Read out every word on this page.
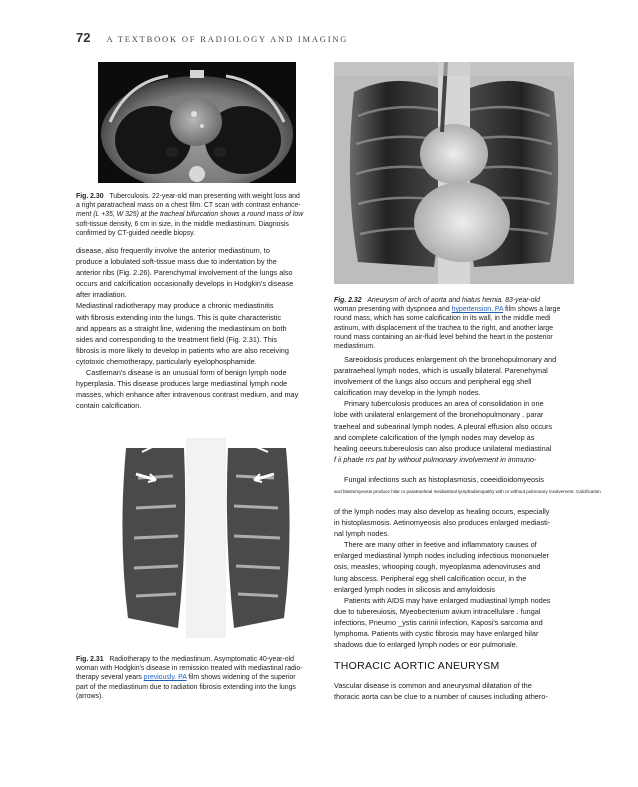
72 A TEXTBOOK OF RADIOLOGY AND IMAGING
Fig. 2.30 Tuberculosis. 22-year-old man presenting with weight loss and
a right paratracheal mass on a chest film. CT scan with contrast enhance-
ment (L +35, W 325) at the tracheal bifurcation shows a round mass of low
soft-tissue density, 6 cm in size, in the middle mediastinum. Diagnosis
confirmed by CT-guided needle biopsy.

disease, also frequently involve the anterior mediastinum, to

produce a lobulated soft-tissue mass due to indentation by the

anterior ribs (Fig. 2.26). Parenchymal involvement of the lungs also

occurs and calcification occasionally develops in Hodgkin's disease

after irradiation.

Mediastinal radiotherapy may produce a chronic mediastinitis

with fibrosis extending into the lungs. This is quite characteristic

and appears as a straight line, widening the mediastinum on both

sides and corresponding to the treatment field (Fig. 2.31). This

fibrosis is more likely to develop in patients who are also receiving

cytotoxic chemotherapy, particularly eyelophosphamide.

Castleman's disease is an unusual form of benign lymph node

hyperplasia. This disease produces large mediastinal lymph node

masses, which enhance after intravenous contrast medium, and may

contain calcification.

Fig. 2.31 Radiotherapy to the mediastinum. Asymptomatic 40-year-old
woman with Hodgkin's disease in remission treated with mediastinal radio-
therapy several years previously. PA film shows widening of the superior
part of the mediastinum due to radiation fibrosis extending into the lungs
(arrows).
Fig. 2.32 Aneurysm of arch of aorta and hiatus hernia. 83-year-old
woman presenting with dyspnoea and hypertension. PA film shows a large
round mass, which has some calcification in its wall, in the middle medi
astinum, with displacement of the trachea to the right, and another large
round mass containing an air-fluid level behind the heart in the posterior
mediastinum.

Sareoidosis produces enlargement oh the bronehopulmonary and

paratraeheal lymph nodes, which is usually bilateral. Parenehymal

involvement of the lungs also occurs and peripheral egg shell

calcification may develop in the lymph nodes.

Primary tuberculosis produces an area of consolidation in one

lobe with unilateral enlargement of the bronehopulmonary . parar

traeheal and subearinal lymph nodes. A pleural effusion also occurs

and complete calcification of the lymph nodes may develop as

healing oeeurs.tubereulosis can also produce unilateral mediastinal

f ii phade rrs pat by without pulmonary involvement in immuno-

Fungal infections such as histoplasmosis, coeeidioidomyeosis

and blastomyeosis produce hilar or paratraeheal mediastinal lymphadenopathy with or without pulmonary involvement. Calcification

of the lymph nodes may also develop as healing occurs, especially

in histoplasmosis. Aetinomyeosis also produces enlarged mediasti-

nal lymph nodes.

There are many other in feetive and inflammatory causes of

enlarged mediastinal lymph nodes including infectious mononueler

osis, measles, whooping cough, myeoplasma adenoviruses and

lung abscess. Peripheral egg shell calcification occur, in the

enlarged lymph nodes in silicosis and amyloidosis

Patients with AIDS may have enlarged mudiastinal lymph nodes

due to tubereuiosis, Myeobecterium avium intracellulare . fungal

infections, Pneumo _ystis carinii infection, Kaposi's sarcoma and

lymphoma. Patients with cystic fibrosis may have enlarged hilar

shadows due to enlarged lymph nodes or eor pulmonale.

THORACIC AORTIC ANEURYSM

Vascular disease is common and aneurysmal dilatation of the

thoracic aorta can be clue to a number of causes including athero-
